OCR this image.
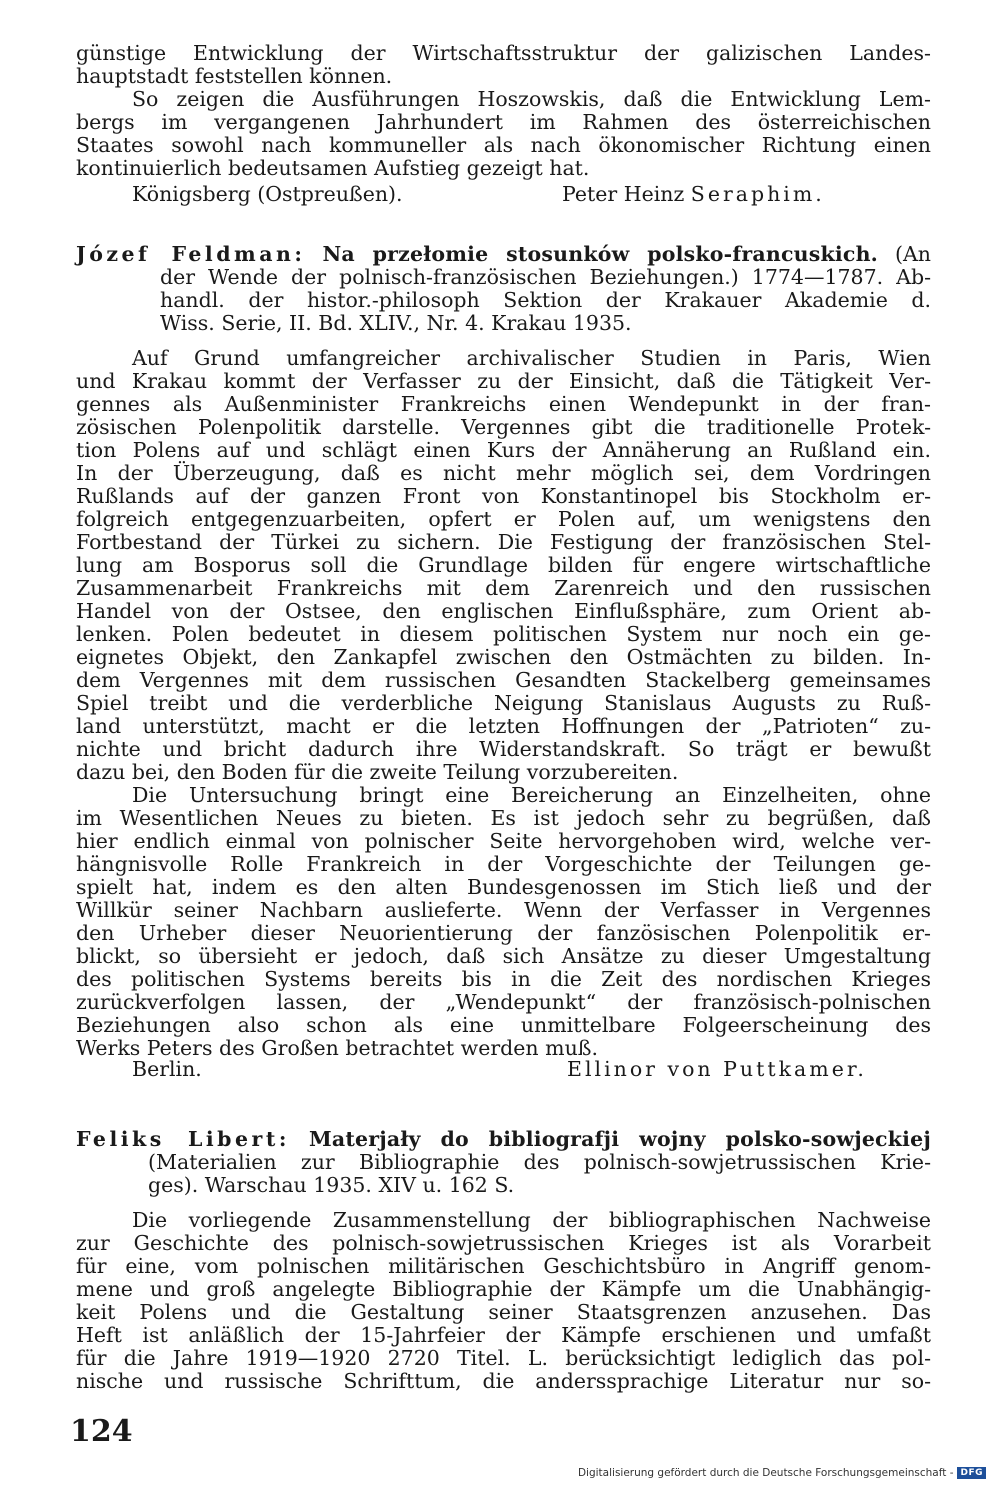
günstige Entwicklung der Wirtschaftsstruktur der galizischen Landes-
hauptstadt feststellen können.
So zeigen die Ausführungen Hoszowskis, daß die Entwicklung Lem-
bergs im vergangenen Jahrhundert im Rahmen des österreichischen
Staates sowohl nach kommuneller als nach ökonomischer Richtung einen
kontinuierlich bedeutsamen Aufstieg gezeigt hat.
Königsberg (Ostpreußen).	Peter Heinz Seraphim.
Józef Feldman: Na przełomie stosunków polsko-francuskich. (An
der Wende der polnisch-französischen Beziehungen.) 1774—1787. Ab-
handl. der histor.-philosoph Sektion der Krakauer Akademie d.
Wiss. Serie, II. Bd. XLIV., Nr. 4. Krakau 1935.
Auf Grund umfangreicher archivalischer Studien in Paris, Wien
und Krakau kommt der Verfasser zu der Einsicht, daß die Tätigkeit Ver-
gennes als Außenminister Frankreichs einen Wendepunkt in der fran-
zösischen Polenpolitik darstelle. Vergennes gibt die traditionelle Protek-
tion Polens auf und schlägt einen Kurs der Annäherung an Rußland ein.
In der Überzeugung, daß es nicht mehr möglich sei, dem Vordringen
Rußlands auf der ganzen Front von Konstantinopel bis Stockholm er-
folgreich entgegenzuarbeiten, opfert er Polen auf, um wenigstens den
Fortbestand der Türkei zu sichern. Die Festigung der französischen Stel-
lung am Bosporus soll die Grundlage bilden für engere wirtschaftliche
Zusammenarbeit Frankreichs mit dem Zarenreich und den russischen
Handel von der Ostsee, den englischen Einflußsphäre, zum Orient ab-
lenken. Polen bedeutet in diesem politischen System nur noch ein ge-
eignetes Objekt, den Zankapfel zwischen den Ostmächten zu bilden. In-
dem Vergennes mit dem russischen Gesandten Stackelberg gemeinsames
Spiel treibt und die verderbliche Neigung Stanislaus Augusts zu Ruß-
land unterstützt, macht er die letzten Hoffnungen der „Patrioten“ zu-
nichte und bricht dadurch ihre Widerstandskraft. So trägt er bewußt
dazu bei, den Boden für die zweite Teilung vorzubereiten.
Die Untersuchung bringt eine Bereicherung an Einzelheiten, ohne
im Wesentlichen Neues zu bieten. Es ist jedoch sehr zu begrüßen, daß
hier endlich einmal von polnischer Seite hervorgehoben wird, welche ver-
hängnisvolle Rolle Frankreich in der Vorgeschichte der Teilungen ge-
spielt hat, indem es den alten Bundesgenossen im Stich ließ und der
Willkür seiner Nachbarn auslieferte. Wenn der Verfasser in Vergennes
den Urheber dieser Neuorientierung der fanzösischen Polenpolitik er-
blickt, so übersieht er jedoch, daß sich Ansätze zu dieser Umgestaltung
des politischen Systems bereits bis in die Zeit des nordischen Krieges
zurückverfolgen lassen, der „Wendepunkt“ der französisch-polnischen
Beziehungen also schon als eine unmittelbare Folgeerscheinung des
Werks Peters des Großen betrachtet werden muß.
Berlin.	Ellinor von Puttkamer.
Feliks Libert: Materjały do bibliografji wojny polsko-sowjeckiej
(Materialien zur Bibliographie des polnisch-sowjetrussischen Krie-
ges). Warschau 1935. XIV u. 162 S.
Die vorliegende Zusammenstellung der bibliographischen Nachweise
zur Geschichte des polnisch-sowjetrussischen Krieges ist als Vorarbeit
für eine, vom polnischen militärischen Geschichtsbüro in Angriff genom-
mene und groß angelegte Bibliographie der Kämpfe um die Unabhängig-
keit Polens und die Gestaltung seiner Staatsgrenzen anzusehen. Das
Heft ist anläßlich der 15-Jahrfeier der Kämpfe erschienen und umfaßt
für die Jahre 1919—1920 2720 Titel. L. berücksichtigt lediglich das pol-
nische und russische Schrifttum, die anderssprachige Literatur nur so-
124
Digitalisierung gefördert durch die Deutsche Forschungsgemeinschaft - DFG
